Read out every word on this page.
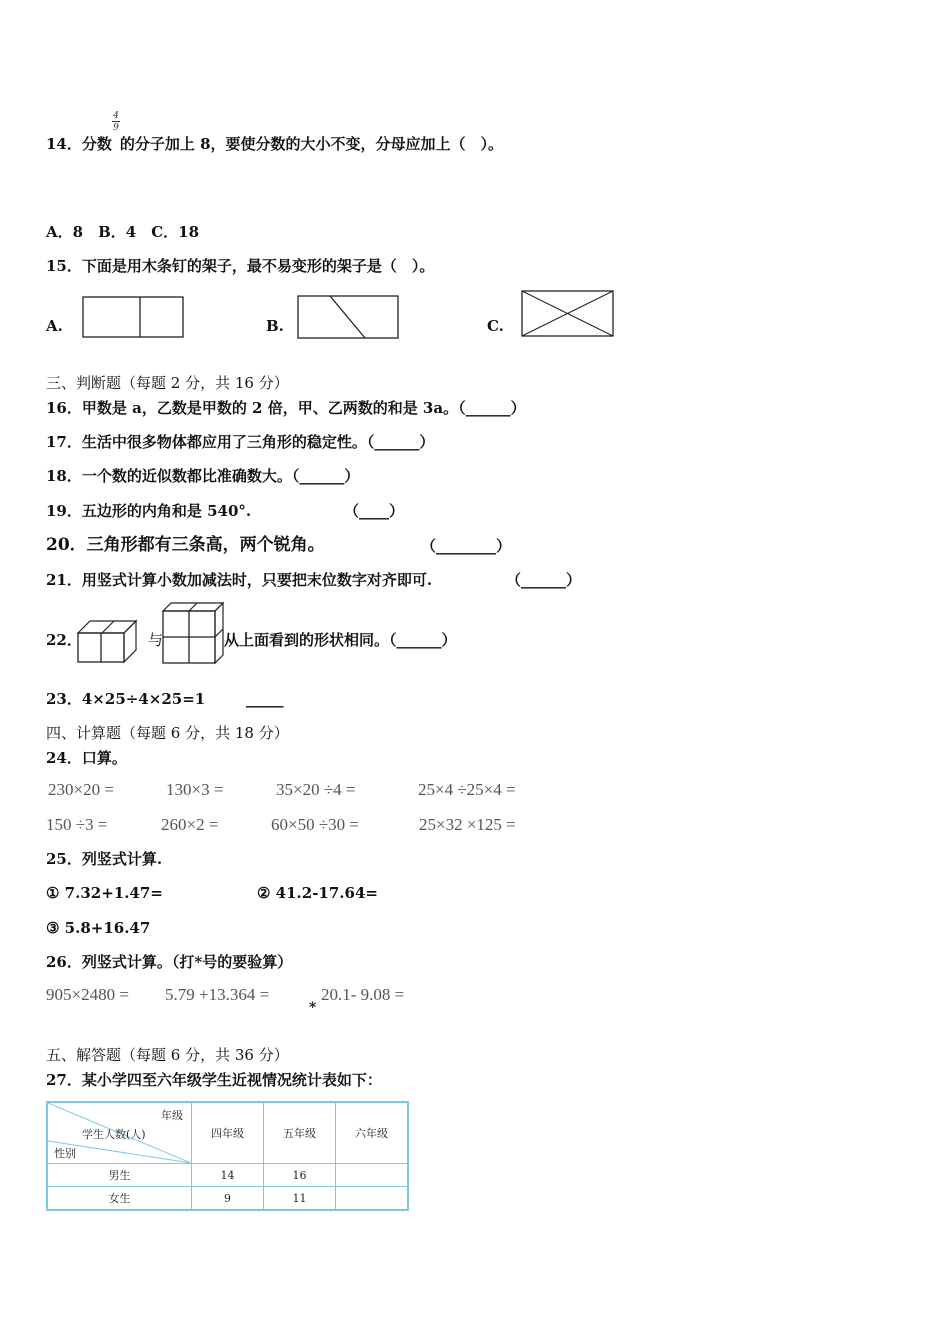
14．分数 的分子加上 8，要使分数的大小不变，分母应加上（　）。
4
9
A．8　B．4　C．18
15．下面是用木条钉的架子，最不易变形的架子是（　）。
A.	B.	C.
三、判断题（每题 2 分，共 16 分）
16．甲数是 a，乙数是甲数的 2 倍，甲、乙两数的和是 3a。（______）
17．生活中很多物体都应用了三角形的稳定性。（______）
18．一个数的近似数都比准确数大。（______）
19．五边形的内角和是 540°.	（____）
20．三角形都有三条高，两个锐角。	（________）
21．用竖式计算小数加减法时，只要把末位数字对齐即可.	（______）
22．	与	从上面看到的形状相同。（______）
23．4×25÷4×25=1	_____
四、计算题（每题 6 分，共 18 分）
24．口算。
230×20 =	130×3 =	35×20 ÷4 =	25×4 ÷25×4 =
150 ÷3 =	260×2 =	60×50 ÷30 =	25×32 ×125 =
25．列竖式计算.
① 7.32+1.47=	② 41.2-17.64=
③ 5.8+16.47
26．列竖式计算。（打*号的要验算）
905×2480 = 5.79 +13.364 =
*
20.1- 9.08 =
五、解答题（每题 6 分，共 36 分）
27．某小学四至六年级学生近视情况统计表如下：
年级
学生人数(人)
性别	四年级	五年级	六年级
男生	14	16	
女生	9	11	
